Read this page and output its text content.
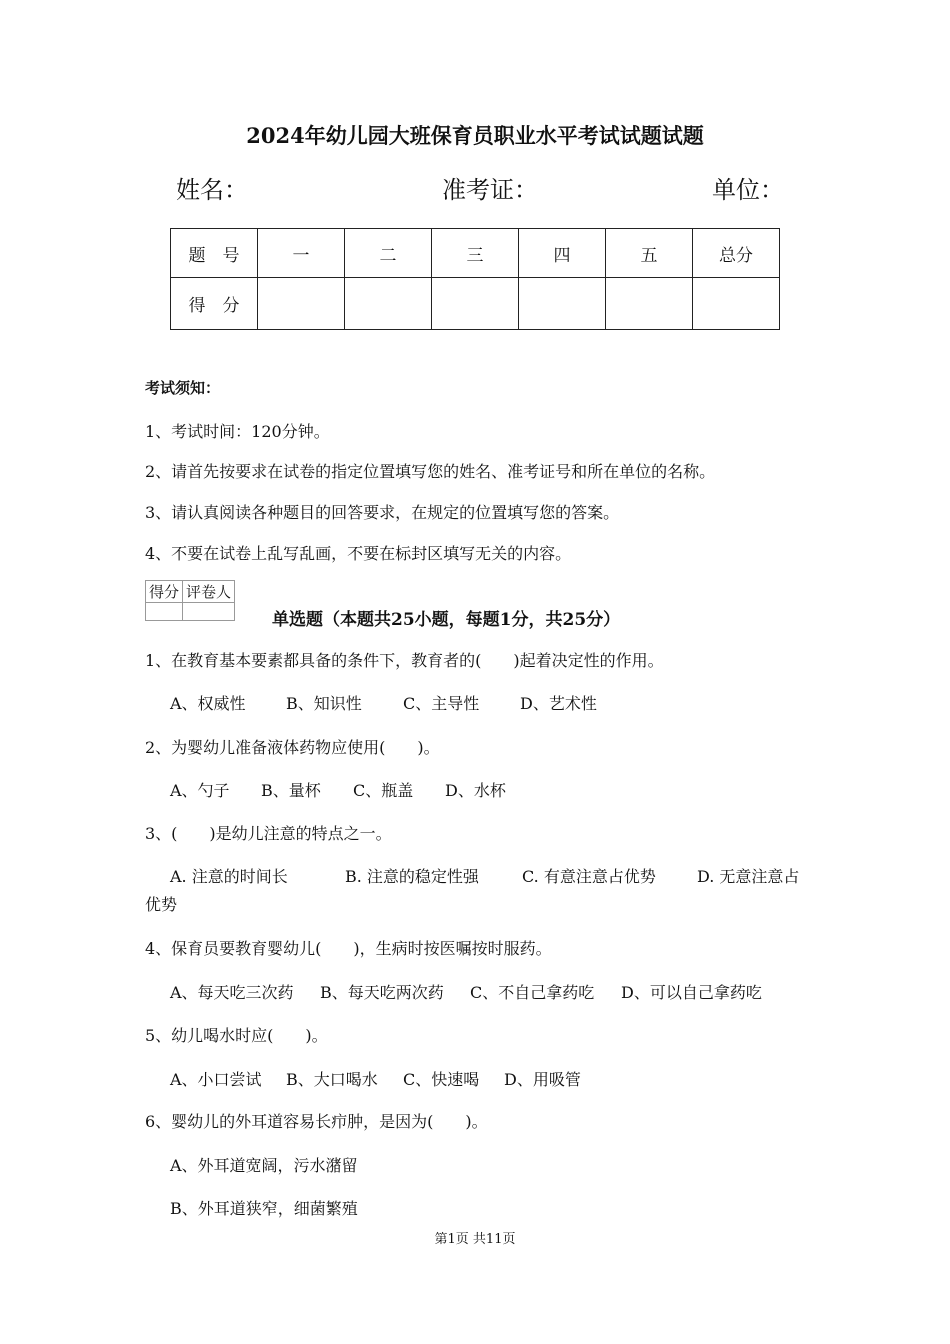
2024年幼儿园大班保育员职业水平考试试题试题
姓名：	准考证：	单位：
题　号	一	二	三	四	五	总分
得　分						
考试须知：
1、考试时间：120分钟。
2、请首先按要求在试卷的指定位置填写您的姓名、准考证号和所在单位的名称。
3、请认真阅读各种题目的回答要求，在规定的位置填写您的答案。
4、不要在试卷上乱写乱画，不要在标封区填写无关的内容。
得分	评卷人

单选题（本题共25小题，每题1分，共25分）
1、在教育基本要素都具备的条件下，教育者的(　　)起着决定性的作用。
A、权威性	B、知识性	C、主导性	D、艺术性
2、为婴幼儿准备液体药物应使用(　　)。
A、勺子 B、量杯 C、瓶盖 D、水杯
3、(　　)是幼儿注意的特点之一。
A. 注意的时间长	B. 注意的稳定性强	C. 有意注意占优势	D. 无意注意占
优势
4、保育员要教育婴幼儿(　　)，生病时按医嘱按时服药。
A、每天吃三次药 B、每天吃两次药 C、不自己拿药吃 D、可以自己拿药吃
5、幼儿喝水时应(　　)。
A、小口尝试 B、大口喝水 C、快速喝 D、用吸管
6、婴幼儿的外耳道容易长疖肿，是因为(　　)。
A、外耳道宽阔，污水潴留
B、外耳道狭窄，细菌繁殖
第1页 共11页
